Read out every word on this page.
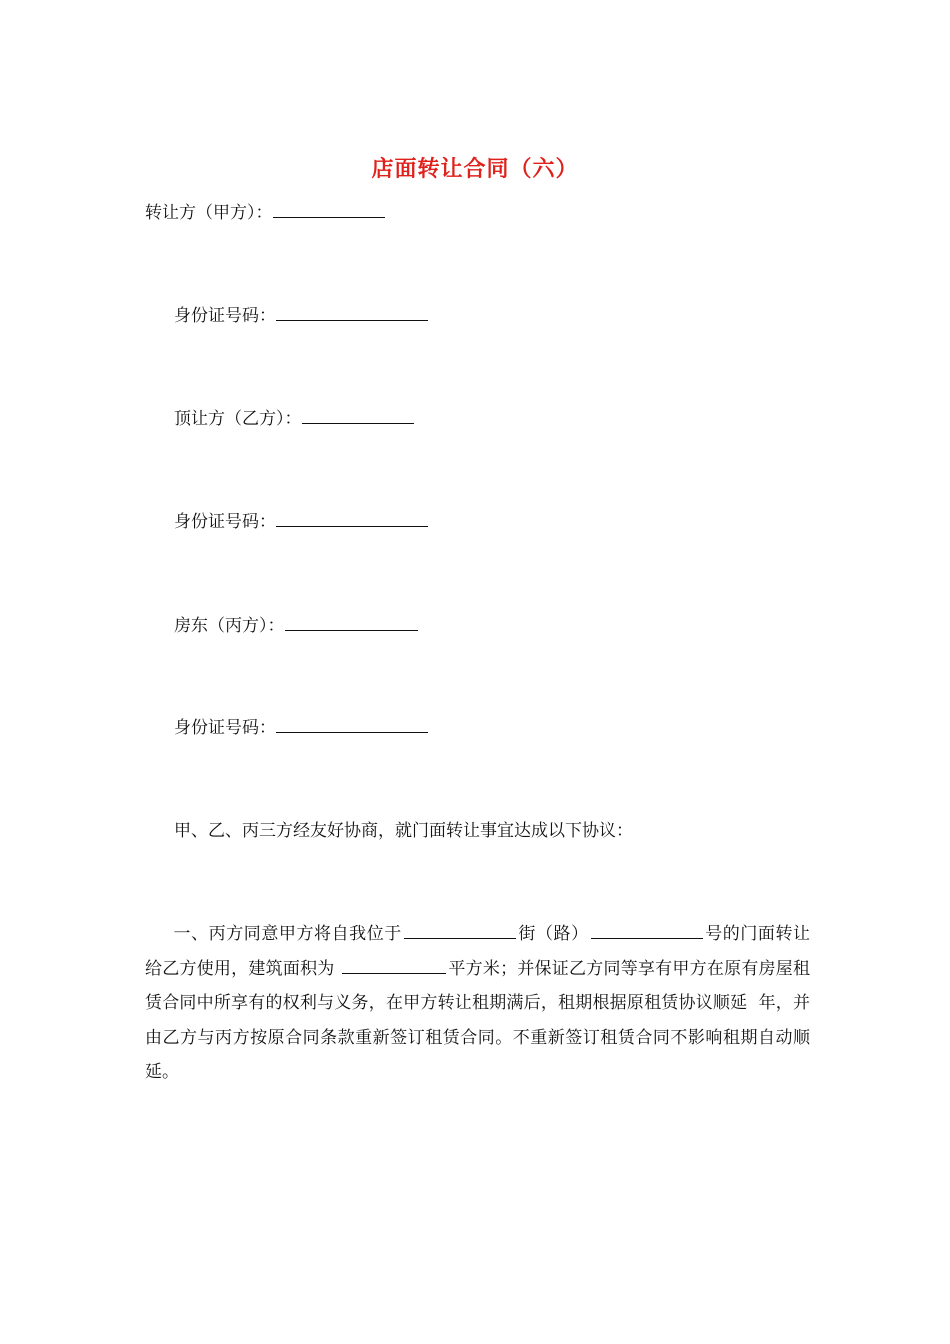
店面转让合同（六）
转让方（甲方）：
身份证号码：
顶让方（乙方）：
身份证号码：
房东（丙方）：
身份证号码：
甲、乙、丙三方经友好协商，就门面转让事宜达成以下协议：
一、丙方同意甲方将自我位于	街（路）	号的门面转让给乙方使用，建筑面积为	平方米；并保证乙方同等享有甲方在原有房屋租赁合同中所享有的权利与义务，在甲方转让租期满后，租期根据原租赁协议顺延 年，并由乙方与丙方按原合同条款重新签订租赁合同。不重新签订租赁合同不影响租期自动顺延。
